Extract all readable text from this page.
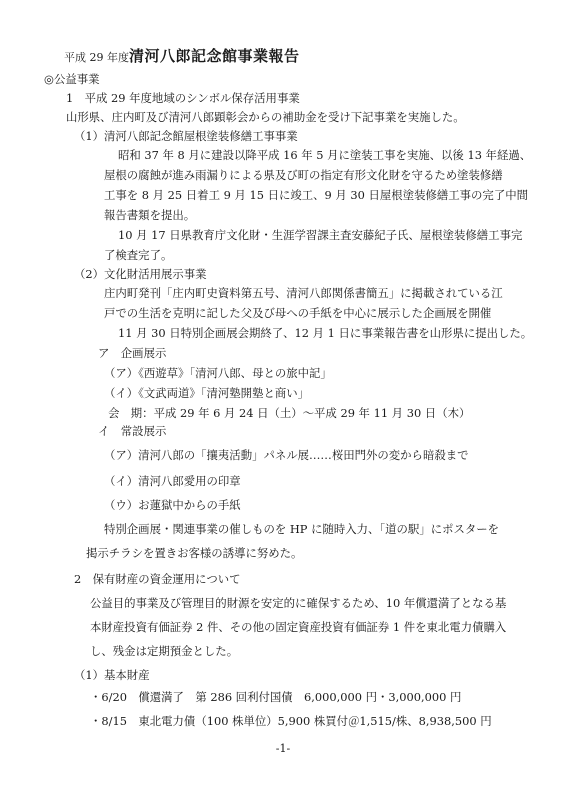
平成 29 年度清河八郎記念館事業報告
◎公益事業
1　平成 29 年度地域のシンボル保存活用事業
山形県、庄内町及び清河八郎顕彰会からの補助金を受け下記事業を実施した。
（1）清河八郎記念館屋根塗装修繕工事事業
昭和 37 年 8 月に建設以降平成 16 年 5 月に塗装工事を実施、以後 13 年経過、
屋根の腐蝕が進み雨漏りによる県及び町の指定有形文化財を守るため塗装修繕
工事を 8 月 25 日着工 9 月 15 日に竣工、9 月 30 日屋根塗装修繕工事の完了中間
報告書類を提出。
10 月 17 日県教育庁文化財・生涯学習課主査安藤紀子氏、屋根塗装修繕工事完
了検査完了。
（2）文化財活用展示事業
庄内町発刊「庄内町史資料第五号、清河八郎関係書簡五」に掲載されている江
戸での生活を克明に記した父及び母への手紙を中心に展示した企画展を開催
11 月 30 日特別企画展会期終了、12 月 1 日に事業報告書を山形県に提出した。
ア　企画展示
（ア）《西遊草》「清河八郎、母との旅中記」
（イ）《文武両道》「清河塾開塾と商い」
会　期：平成 29 年 6 月 24 日（土）～平成 29 年 11 月 30 日（木）
イ　常設展示
（ア）清河八郎の「攘夷活動」パネル展……桜田門外の変から暗殺まで
（イ）清河八郎愛用の印章
（ウ）お蓮獄中からの手紙
特別企画展・関連事業の催しものを HP に随時入力、「道の駅」にポスターを
掲示チラシを置きお客様の誘導に努めた。
2　保有財産の資金運用について
公益目的事業及び管理目的財源を安定的に確保するため、10 年償還満了となる基
本財産投資有価証券 2 件、その他の固定資産投資有価証券 1 件を東北電力債購入
し、残金は定期預金とした。
（1）基本財産
・6/20　償還満了　第 286 回利付国債　6,000,000 円・3,000,000 円
・8/15　東北電力債（100 株単位）5,900 株買付＠1,515/株、8,938,500 円
-1-
